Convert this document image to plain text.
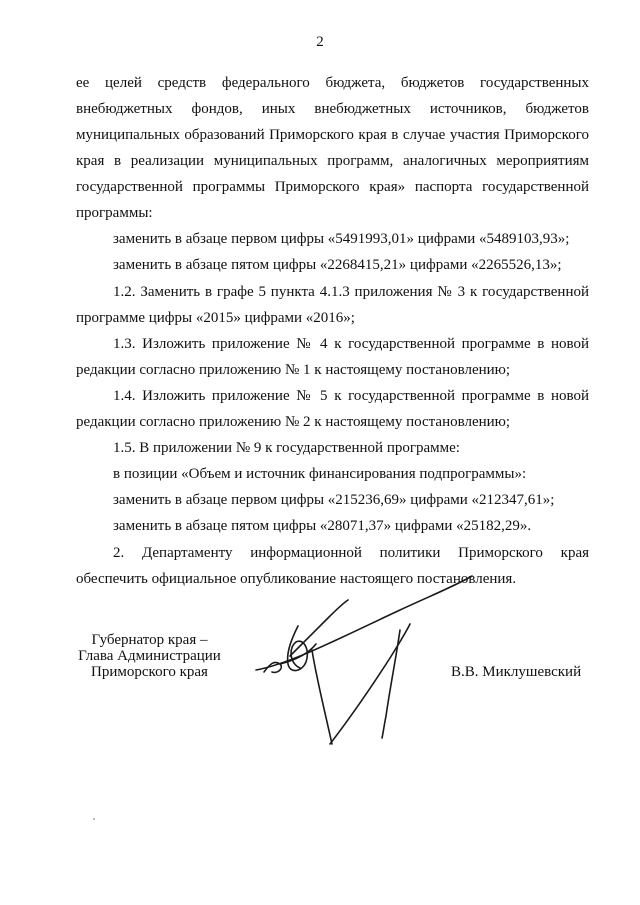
2
ее целей средств федерального бюджета, бюджетов государственных
внебюджетных фондов, иных внебюджетных источников, бюджетов
муниципальных образований Приморского края в случае участия Приморского
края в реализации муниципальных программ, аналогичных мероприятиям
государственной программы Приморского края» паспорта государственной
программы:
заменить в абзаце первом цифры «5491993,01» цифрами «5489103,93»;
заменить в абзаце пятом цифры «2268415,21» цифрами «2265526,13»;
1.2. Заменить в графе 5 пункта 4.1.3 приложения № 3 к государственной
программе цифры «2015» цифрами «2016»;
1.3. Изложить приложение № 4 к государственной программе в новой
редакции согласно приложению № 1 к настоящему постановлению;
1.4. Изложить приложение № 5 к государственной программе в новой
редакции согласно приложению № 2 к настоящему постановлению;
1.5. В приложении № 9 к государственной программе:
в позиции «Объем и источник финансирования подпрограммы»:
заменить в абзаце первом цифры «215236,69» цифрами «212347,61»;
заменить в абзаце пятом цифры «28071,37» цифрами «25182,29».
2. Департаменту информационной политики Приморского края
обеспечить официальное опубликование настоящего постановления.
Губернатор края –
Глава Администрации
Приморского края	В.В. Миклушевский
